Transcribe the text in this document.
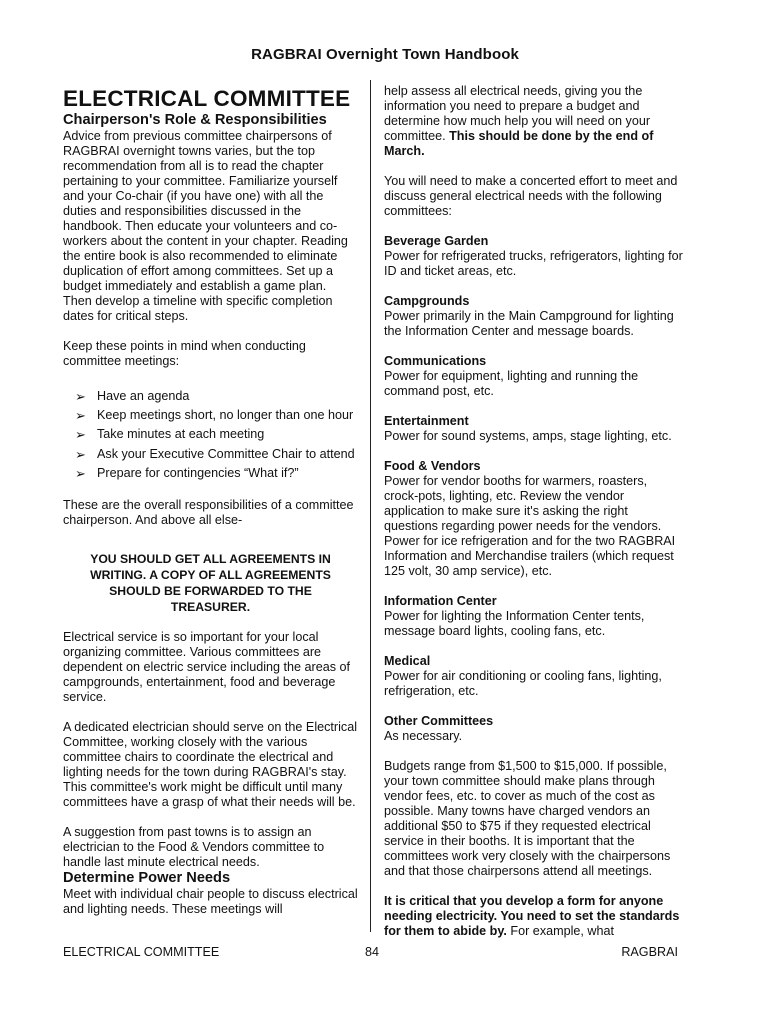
RAGBRAI Overnight Town Handbook

ELECTRICAL COMMITTEE

Chairperson's Role & Responsibilities

Advice from previous committee chairpersons of RAGBRAI overnight towns varies, but the top recommendation from all is to read the chapter pertaining to your committee. Familiarize yourself and your Co-chair (if you have one) with all the duties and responsibilities discussed in the handbook. Then educate your volunteers and co-workers about the content in your chapter. Reading the entire book is also recommended to eliminate duplication of effort among committees. Set up a budget immediately and establish a game plan. Then develop a timeline with specific completion dates for critical steps.

Keep these points in mind when conducting committee meetings:

➢ Have an agenda
➢ Keep meetings short, no longer than one hour
➢ Take minutes at each meeting
➢ Ask your Executive Committee Chair to attend
➢ Prepare for contingencies “What if?”

These are the overall responsibilities of a committee chairperson. And above all else-

YOU SHOULD GET ALL AGREEMENTS IN WRITING. A COPY OF ALL AGREEMENTS SHOULD BE FORWARDED TO THE TREASURER.

Electrical service is so important for your local organizing committee. Various committees are dependent on electric service including the areas of campgrounds, entertainment, food and beverage service.

A dedicated electrician should serve on the Electrical Committee, working closely with the various committee chairs to coordinate the electrical and lighting needs for the town during RAGBRAI's stay. This committee's work might be difficult until many committees have a grasp of what their needs will be.

A suggestion from past towns is to assign an electrician to the Food & Vendors committee to handle last minute electrical needs.

Determine Power Needs

Meet with individual chair people to discuss electrical and lighting needs. These meetings will

help assess all electrical needs, giving you the information you need to prepare a budget and determine how much help you will need on your committee. This should be done by the end of March.

You will need to make a concerted effort to meet and discuss general electrical needs with the following committees:

Beverage Garden

Power for refrigerated trucks, refrigerators, lighting for ID and ticket areas, etc.

Campgrounds

Power primarily in the Main Campground for lighting the Information Center and message boards.

Communications

Power for equipment, lighting and running the command post, etc.

Entertainment

Power for sound systems, amps, stage lighting, etc.

Food & Vendors

Power for vendor booths for warmers, roasters, crock-pots, lighting, etc. Review the vendor application to make sure it's asking the right questions regarding power needs for the vendors. Power for ice refrigeration and for the two RAGBRAI Information and Merchandise trailers (which request 125 volt, 30 amp service), etc.

Information Center

Power for lighting the Information Center tents, message board lights, cooling fans, etc.

Medical

Power for air conditioning or cooling fans, lighting, refrigeration, etc.

Other Committees

As necessary.

Budgets range from $1,500 to $15,000. If possible, your town committee should make plans through vendor fees, etc. to cover as much of the cost as possible. Many towns have charged vendors an additional $50 to $75 if they requested electrical service in their booths. It is important that the committees work very closely with the chairpersons and that those chairpersons attend all meetings.

It is critical that you develop a form for anyone needing electricity. You need to set the standards for them to abide by. For example, what

ELECTRICAL COMMITTEE	84	RAGBRAI
